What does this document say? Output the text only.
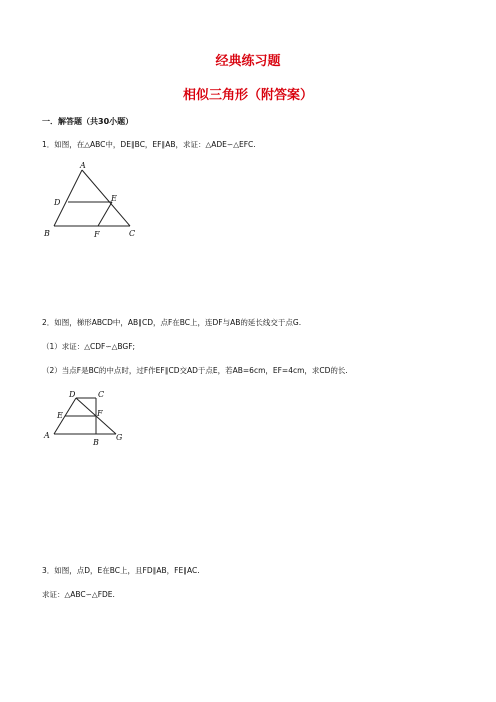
经典练习题
相似三角形（附答案）
一．解答题（共30小题）
1．如图，在△ABC中，DE∥BC，EF∥AB，求证：△ADE∽△EFC.
A
D	E
B	F	C
2．如图，梯形ABCD中，AB∥CD，点F在BC上，连DF与AB的延长线交于点G.
（1）求证：△CDF∽△BGF;
（2）当点F是BC的中点时，过F作EF∥CD交AD于点E，若AB=6cm，EF=4cm，求CD的长.
D	C
E	F
A
B
G
3．如图，点D，E在BC上，且FD∥AB，FE∥AC.
求证：△ABC∽△FDE.
